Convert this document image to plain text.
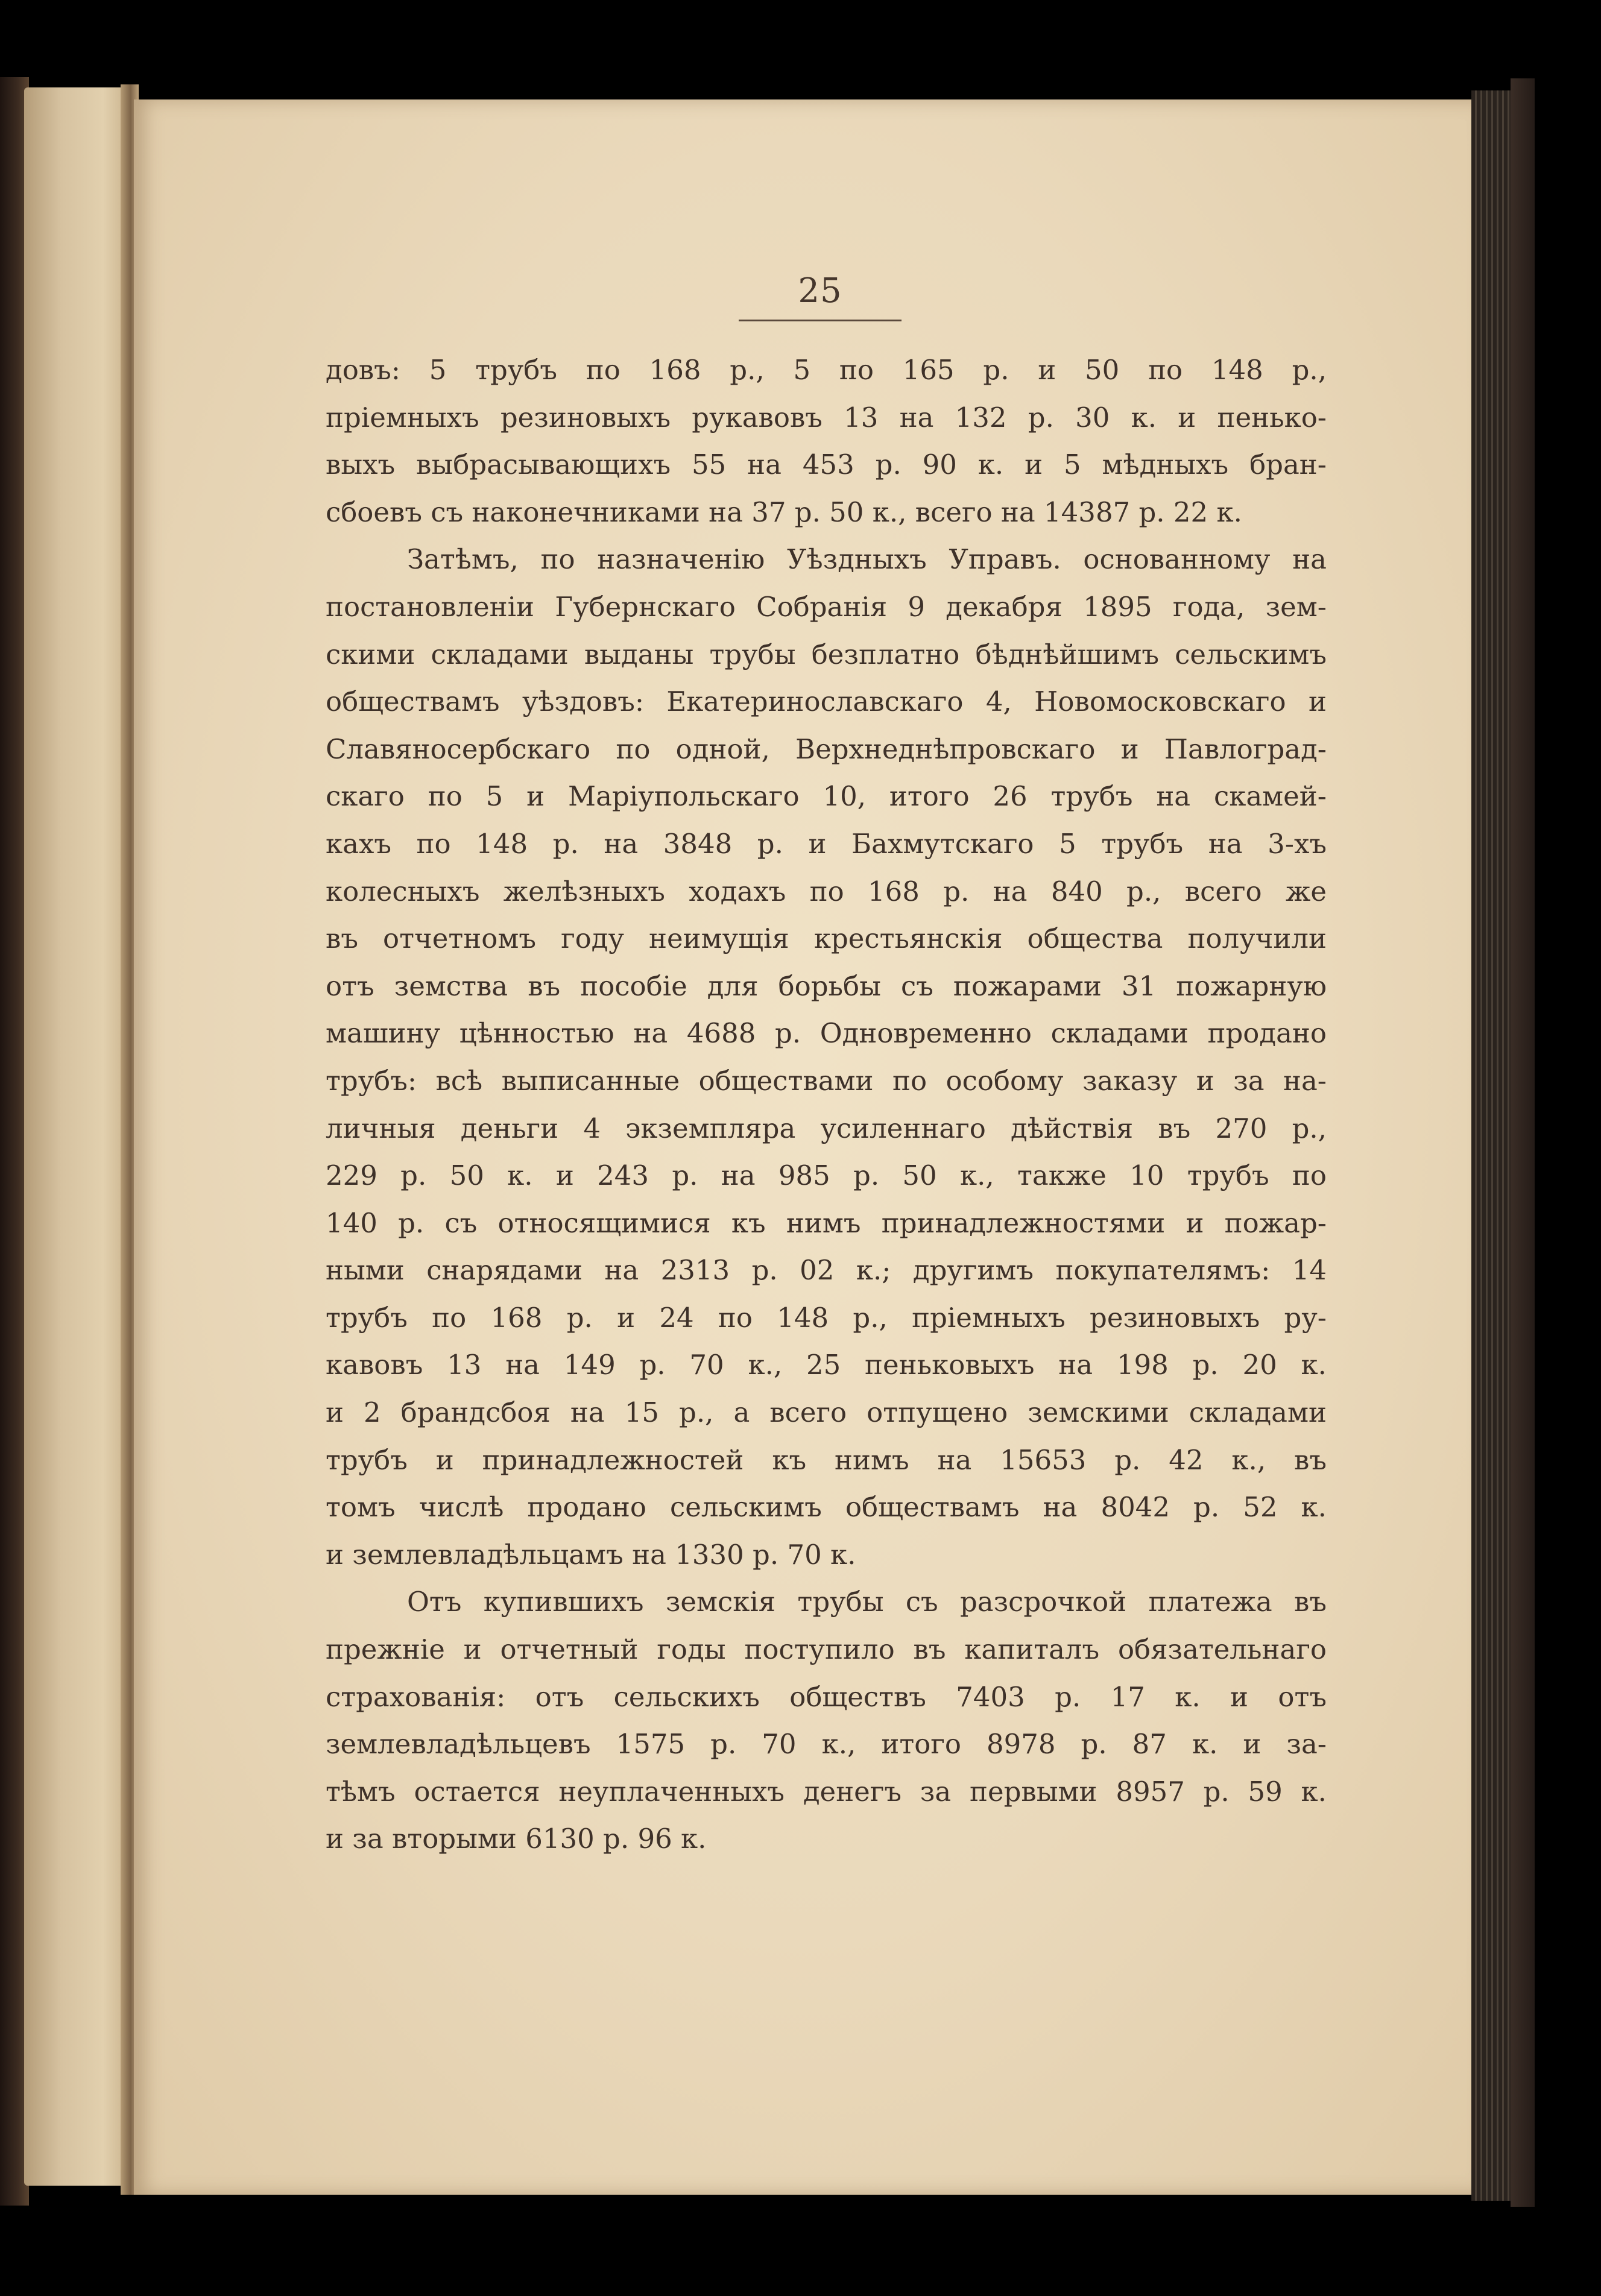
25

довъ: 5 трубъ по 168 р., 5 по 165 р. и 50 по 148 р.,

пріемныхъ резиновыхъ рукавовъ 13 на 132 р. 30 к. и пенько-

выхъ выбрасывающихъ 55 на 453 р. 90 к. и 5 мѣдныхъ бран-

сбоевъ съ наконечниками на 37 р. 50 к., всего на 14387 р. 22 к.

Затѣмъ, по назначенію Уѣздныхъ Управъ. основанному на

постановленіи Губернскаго Собранія 9 декабря 1895 года, зем-

скими складами выданы трубы безплатно бѣднѣйшимъ сельскимъ

обществамъ уѣздовъ: Екатеринославскаго 4, Новомосковскаго и

Славяносербскаго по одной, Верхнеднѣпровскаго и Павлоград-

скаго по 5 и Маріупольскаго 10, итого 26 трубъ на скамей-

кахъ по 148 р. на 3848 р. и Бахмутскаго 5 трубъ на 3-хъ

колесныхъ желѣзныхъ ходахъ по 168 р. на 840 р., всего же

въ отчетномъ году неимущія крестьянскія общества получили

отъ земства въ пособіе для борьбы съ пожарами 31 пожарную

машину цѣнностью на 4688 р. Одновременно складами продано

трубъ: всѣ выписанные обществами по особому заказу и за на-

личныя деньги 4 экземпляра усиленнаго дѣйствія въ 270 р.,

229 р. 50 к. и 243 р. на 985 р. 50 к., также 10 трубъ по

140 р. съ относящимися къ нимъ принадлежностями и пожар-

ными снарядами на 2313 р. 02 к.; другимъ покупателямъ: 14

трубъ по 168 р. и 24 по 148 р., пріемныхъ резиновыхъ ру-

кавовъ 13 на 149 р. 70 к., 25 пеньковыхъ на 198 р. 20 к.

и 2 брандсбоя на 15 р., а всего отпущено земскими складами

трубъ и принадлежностей къ нимъ на 15653 р. 42 к., въ

томъ числѣ продано сельскимъ обществамъ на 8042 р. 52 к.

и землевладѣльцамъ на 1330 р. 70 к.

Отъ купившихъ земскія трубы съ разсрочкой платежа въ

прежніе и отчетный годы поступило въ капиталъ обязательнаго

страхованія: отъ сельскихъ обществъ 7403 р. 17 к. и отъ

землевладѣльцевъ 1575 р. 70 к., итого 8978 р. 87 к. и за-

тѣмъ остается неуплаченныхъ денегъ за первыми 8957 р. 59 к.

и за вторыми 6130 р. 96 к.
